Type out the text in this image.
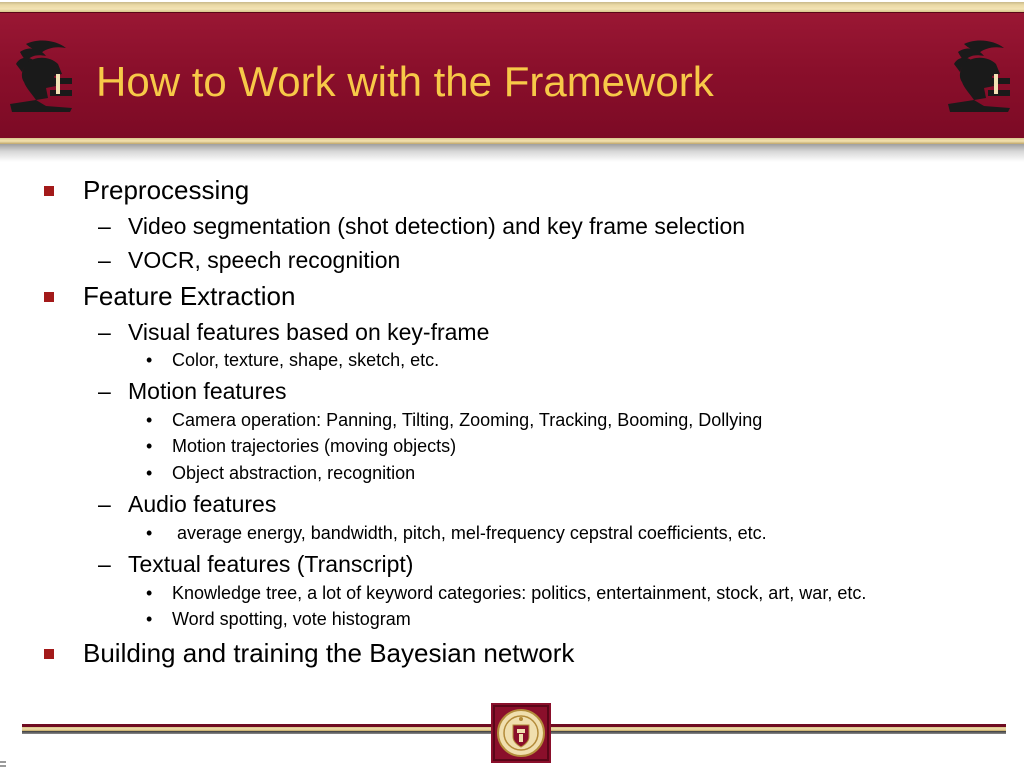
How to Work with the Framework
Preprocessing
– Video segmentation (shot detection) and key frame selection
– VOCR, speech recognition
Feature Extraction
– Visual features based on key-frame
• Color, texture, shape, sketch, etc.
– Motion features
• Camera operation: Panning, Tilting, Zooming, Tracking, Booming, Dollying
• Motion trajectories (moving objects)
• Object abstraction, recognition
– Audio features
• average energy, bandwidth, pitch, mel-frequency cepstral coefficients, etc.
– Textual features (Transcript)
• Knowledge tree, a lot of keyword categories: politics, entertainment, stock, art, war, etc.
• Word spotting, vote histogram
Building and training the Bayesian network
